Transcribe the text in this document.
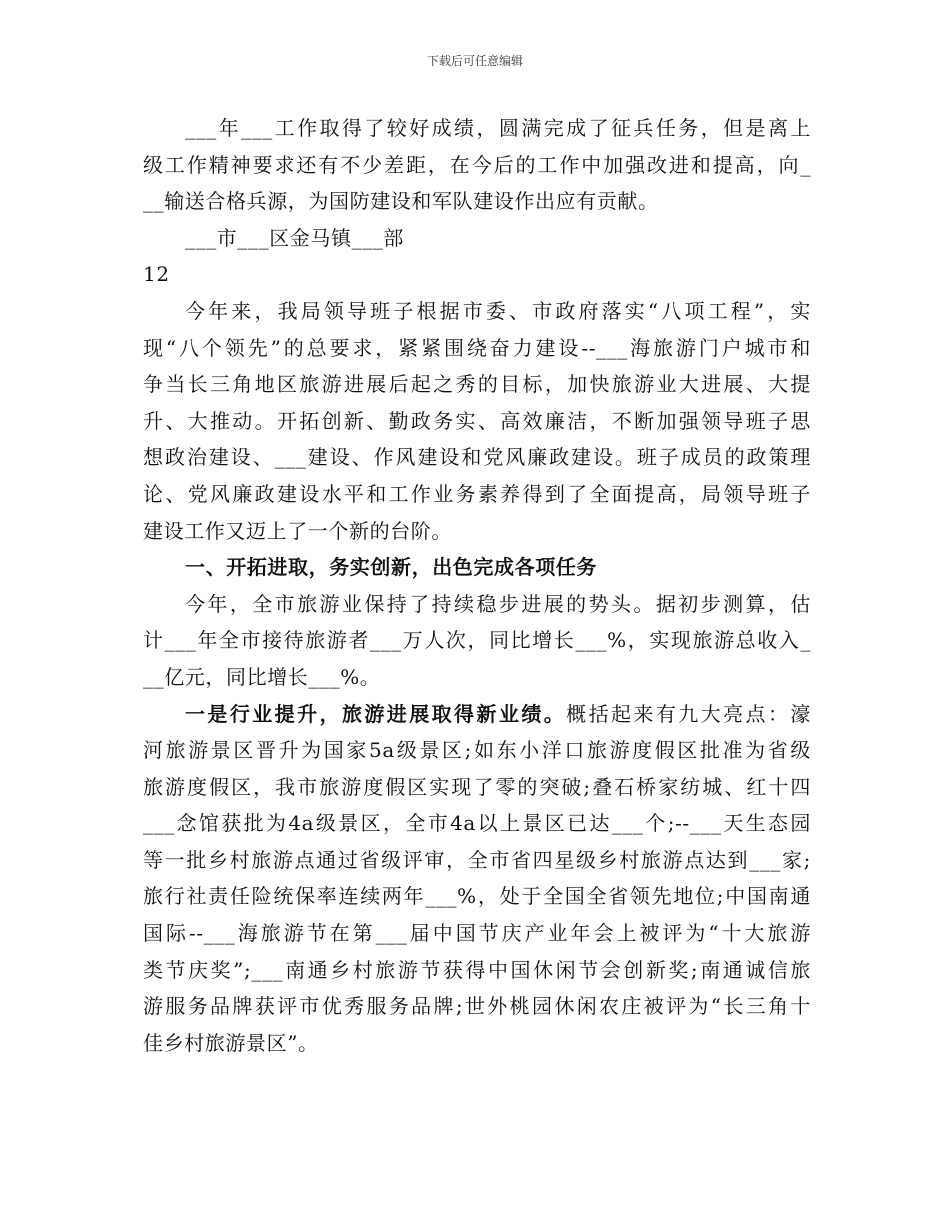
下载后可任意编辑
___年___工作取得了较好成绩，圆满完成了征兵任务，但是离上
级工作精神要求还有不少差距，在今后的工作中加强改进和提高，向_
__输送合格兵源，为国防建设和军队建设作出应有贡献。
___市___区金马镇___部
12
今年来，我局领导班子根据市委、市政府落实“八项工程”，实
现“八个领先”的总要求，紧紧围绕奋力建设--___海旅游门户城市和
争当长三角地区旅游进展后起之秀的目标，加快旅游业大进展、大提
升、大推动。开拓创新、勤政务实、高效廉洁，不断加强领导班子思
想政治建设、___建设、作风建设和党风廉政建设。班子成员的政策理
论、党风廉政建设水平和工作业务素养得到了全面提高，局领导班子
建设工作又迈上了一个新的台阶。
一、开拓进取，务实创新，出色完成各项任务
今年，全市旅游业保持了持续稳步进展的势头。据初步测算，估
计___年全市接待旅游者___万人次，同比增长___%，实现旅游总收入_
__亿元，同比增长___%。
一是行业提升，旅游进展取得新业绩。概括起来有九大亮点：濠
河旅游景区晋升为国家5a级景区;如东小洋口旅游度假区批准为省级
旅游度假区，我市旅游度假区实现了零的突破;叠石桥家纺城、红十四
___念馆获批为4a级景区，全市4a以上景区已达___个;--___天生态园
等一批乡村旅游点通过省级评审，全市省四星级乡村旅游点达到___家;
旅行社责任险统保率连续两年___%，处于全国全省领先地位;中国南通
国际--___海旅游节在第___届中国节庆产业年会上被评为“十大旅游
类节庆奖”;___南通乡村旅游节获得中国休闲节会创新奖;南通诚信旅
游服务品牌获评市优秀服务品牌;世外桃园休闲农庄被评为“长三角十
佳乡村旅游景区”。
